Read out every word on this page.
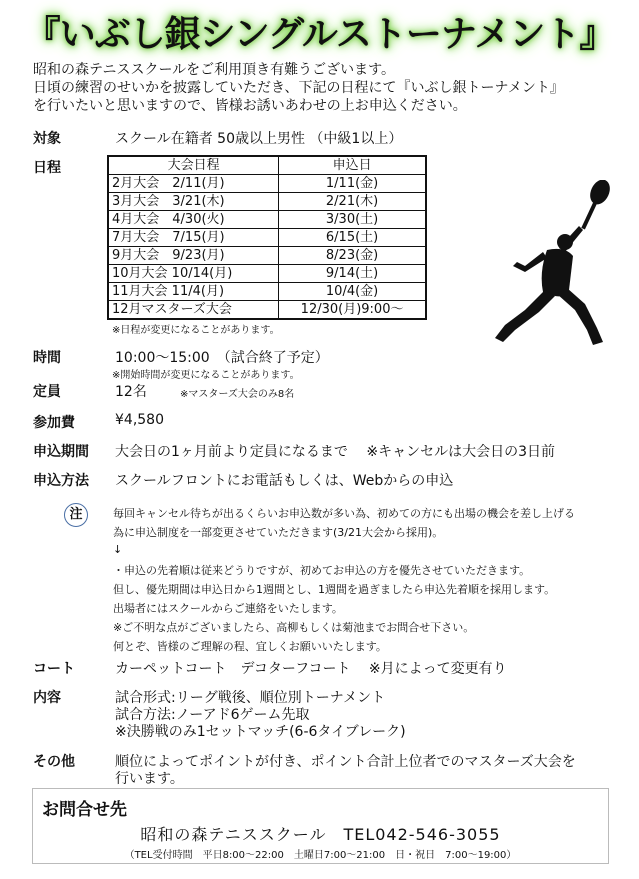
『いぶし銀シングルストーナメント』
昭和の森テニススクールをご利用頂き有難うございます。
日頃の練習のせいかを披露していただき、下記の日程にて『いぶし銀トーナメント』
を行いたいと思いますので、皆様お誘いあわせの上お申込ください。
対象	スクール在籍者 50歳以上男性 （中級1以上）
日程	大会日程	申込日
2月大会　2/11(月)	1/11(金)
3月大会　3/21(木)	2/21(木)
4月大会　4/30(火)	3/30(土)
7月大会　7/15(月)	6/15(土)
9月大会　9/23(月)	8/23(金)
10月大会 10/14(月)	9/14(土)
11月大会 11/4(月)	10/4(金)
12月マスターズ大会	12/30(月)9:00～
※日程が変更になることがあります。
時間	10:00～15:00　（試合終了予定）
※開始時間が変更になることがあります。
定員	12名	※マスターズ大会のみ8名
参加費	¥4,580
申込期間 大会日の1ヶ月前より定員になるまで　 ※キャンセルは大会日の3日前
申込方法 スクールフロントにお電話もしくは、Webからの申込
注	毎回キャンセル待ちが出るくらいお申込数が多い為、初めての方にも出場の機会を差し上げる
為に申込制度を一部変更させていただきます(3/21大会から採用)。
↓
・申込の先着順は従来どうりですが、初めてお申込の方を優先させていただきます。
但し、優先期間は申込日から1週間とし、1週間を過ぎましたら申込先着順を採用します。
出場者にはスクールからご連絡をいたします。
※ご不明な点がございましたら、高柳もしくは菊池までお問合せ下さい。
何とぞ、皆様のご理解の程、宜しくお願いいたします。
コート	カーペットコート　デコターフコート　 ※月によって変更有り
内容	試合形式:リーグ戦後、順位別トーナメント
試合方法:ノーアド6ゲーム先取
※決勝戦のみ1セットマッチ(6-6タイブレーク)
その他	順位によってポイントが付き、ポイント合計上位者でのマスターズ大会を
行います。
お問合せ先
昭和の森テニススクール　TEL042-546-3055
（TEL受付時間　平日8:00～22:00　土曜日7:00～21:00　日・祝日　7:00～19:00）
